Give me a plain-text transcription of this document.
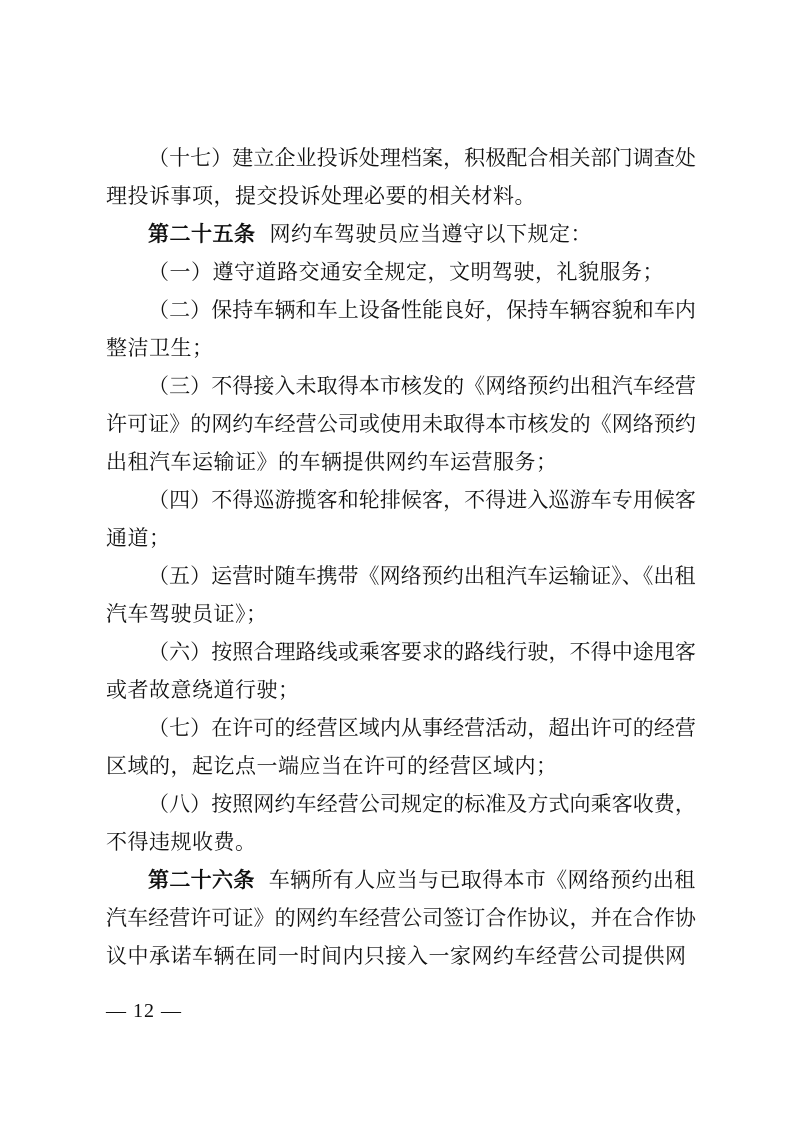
（十七）建立企业投诉处理档案，积极配合相关部门调查处
理投诉事项，提交投诉处理必要的相关材料。

第二十五条 网约车驾驶员应当遵守以下规定：

（一）遵守道路交通安全规定，文明驾驶，礼貌服务；

（二）保持车辆和车上设备性能良好，保持车辆容貌和车内
整洁卫生；

（三）不得接入未取得本市核发的《网络预约出租汽车经营
许可证》的网约车经营公司或使用未取得本市核发的《网络预约
出租汽车运输证》的车辆提供网约车运营服务；

（四）不得巡游揽客和轮排候客，不得进入巡游车专用候客
通道；

（五）运营时随车携带《网络预约出租汽车运输证》、《出租
汽车驾驶员证》；

（六）按照合理路线或乘客要求的路线行驶，不得中途甩客
或者故意绕道行驶；

（七）在许可的经营区域内从事经营活动，超出许可的经营
区域的，起讫点一端应当在许可的经营区域内；

（八）按照网约车经营公司规定的标准及方式向乘客收费，
不得违规收费。

第二十六条 车辆所有人应当与已取得本市《网络预约出租
汽车经营许可证》的网约车经营公司签订合作协议，并在合作协
议中承诺车辆在同一时间内只接入一家网约车经营公司提供网

— 12 —
